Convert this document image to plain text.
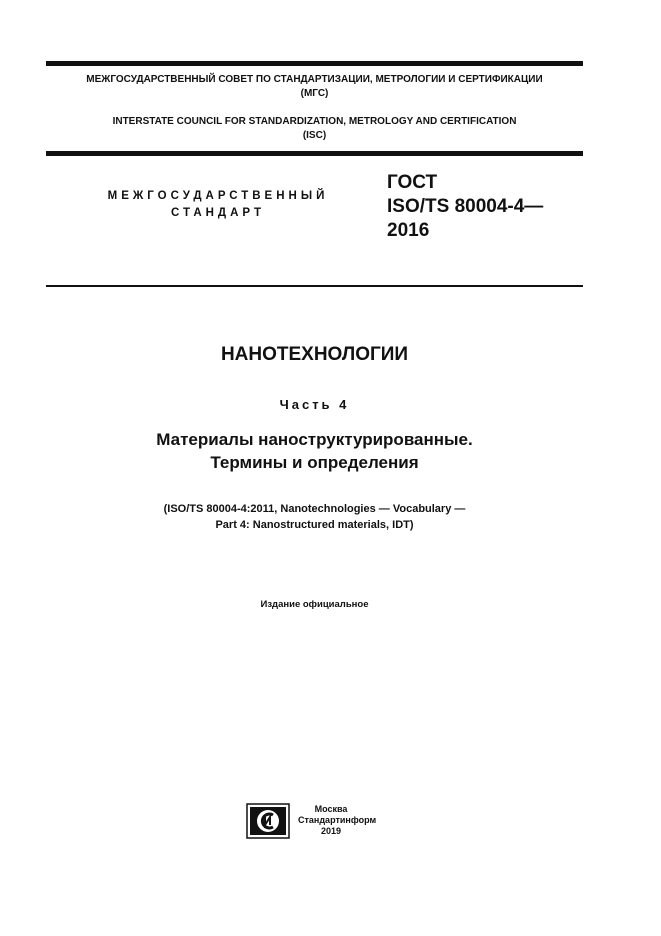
МЕЖГОСУДАРСТВЕННЫЙ СОВЕТ ПО СТАНДАРТИЗАЦИИ, МЕТРОЛОГИИ И СЕРТИФИКАЦИИ
(МГС)
INTERSTATE COUNCIL FOR STANDARDIZATION, METROLOGY AND CERTIFICATION
(ISC)
МЕЖГОСУДАРСТВЕННЫЙ
СТАНДАРТ
ГОСТ
ISO/TS 80004-4—
2016
НАНОТЕХНОЛОГИИ
Часть 4
Материалы наноструктурированные.
Термины и определения
(ISO/TS 80004-4:2011, Nanotechnologies — Vocabulary —
Part 4: Nanostructured materials, IDT)
Издание официальное
Москва
Стандартинформ
2019
